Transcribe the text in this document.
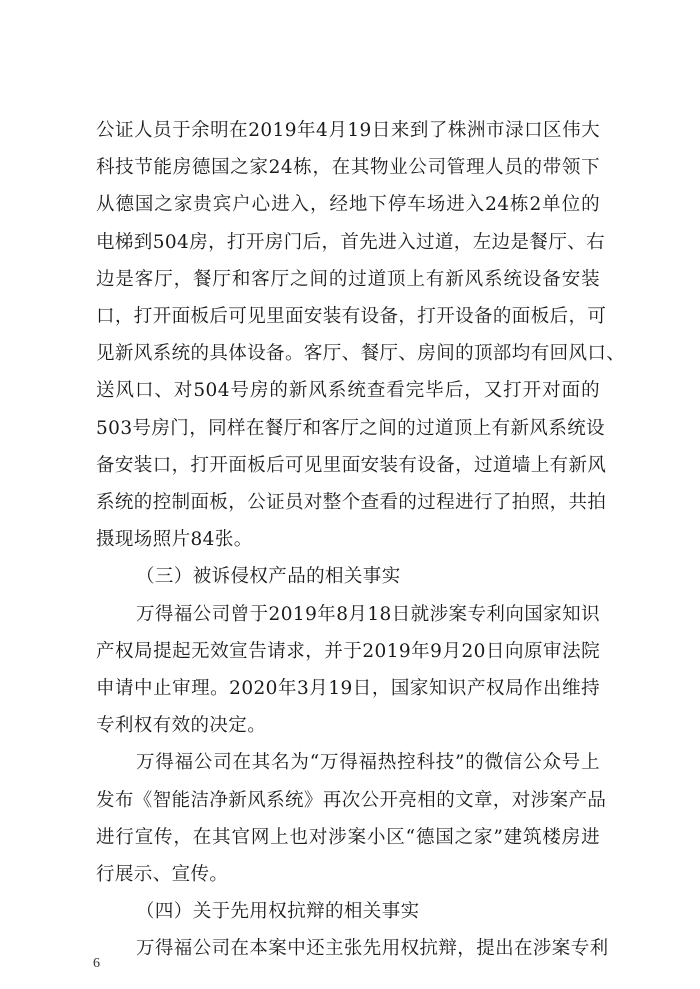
公证人员于余明在2019年4月19日来到了株洲市渌口区伟大
科技节能房德国之家24栋，在其物业公司管理人员的带领下
从德国之家贵宾户心进入，经地下停车场进入24栋2单位的
电梯到504房，打开房门后，首先进入过道，左边是餐厅、右
边是客厅，餐厅和客厅之间的过道顶上有新风系统设备安装
口，打开面板后可见里面安装有设备，打开设备的面板后，可
见新风系统的具体设备。客厅、餐厅、房间的顶部均有回风口、
送风口、对504号房的新风系统查看完毕后，又打开对面的
503号房门，同样在餐厅和客厅之间的过道顶上有新风系统设
备安装口，打开面板后可见里面安装有设备，过道墙上有新风
系统的控制面板，公证员对整个查看的过程进行了拍照，共拍
摄现场照片84张。
（三）被诉侵权产品的相关事实
万得福公司曾于2019年8月18日就涉案专利向国家知识
产权局提起无效宣告请求，并于2019年9月20日向原审法院
申请中止审理。2020年3月19日，国家知识产权局作出维持
专利权有效的决定。
万得福公司在其名为“万得福热控科技”的微信公众号上
发布《智能洁净新风系统》再次公开亮相的文章，对涉案产品
进行宣传，在其官网上也对涉案小区“德国之家”建筑楼房进
行展示、宣传。
（四）关于先用权抗辩的相关事实
6
万得福公司在本案中还主张先用权抗辩，提出在涉案专利
